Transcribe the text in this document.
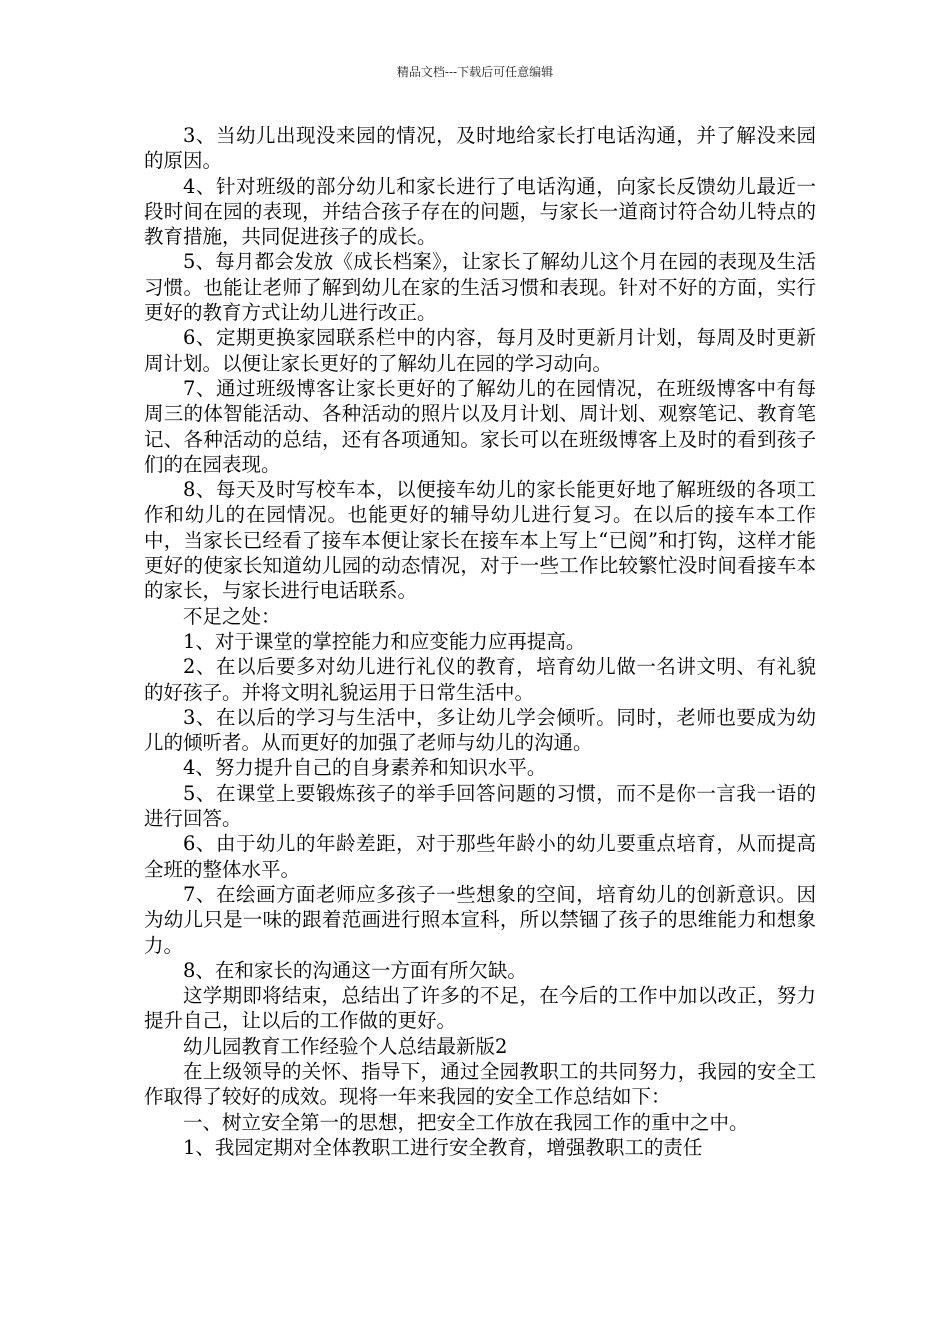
精品文档---下载后可任意编辑

3、当幼儿出现没来园的情况，及时地给家长打电话沟通，并了解没来园的原因。

4、针对班级的部分幼儿和家长进行了电话沟通，向家长反馈幼儿最近一段时间在园的表现，并结合孩子存在的问题，与家长一道商讨符合幼儿特点的教育措施，共同促进孩子的成长。

5、每月都会发放《成长档案》，让家长了解幼儿这个月在园的表现及生活习惯。也能让老师了解到幼儿在家的生活习惯和表现。针对不好的方面，实行更好的教育方式让幼儿进行改正。

6、定期更换家园联系栏中的内容，每月及时更新月计划，每周及时更新周计划。以便让家长更好的了解幼儿在园的学习动向。

7、通过班级博客让家长更好的了解幼儿的在园情况，在班级博客中有每周三的体智能活动、各种活动的照片以及月计划、周计划、观察笔记、教育笔记、各种活动的总结，还有各项通知。家长可以在班级博客上及时的看到孩子们的在园表现。

8、每天及时写校车本，以便接车幼儿的家长能更好地了解班级的各项工作和幼儿的在园情况。也能更好的辅导幼儿进行复习。在以后的接车本工作中，当家长已经看了接车本便让家长在接车本上写上“已阅”和打钩，这样才能更好的使家长知道幼儿园的动态情况，对于一些工作比较繁忙没时间看接车本的家长，与家长进行电话联系。

不足之处：

1、对于课堂的掌控能力和应变能力应再提高。

2、在以后要多对幼儿进行礼仪的教育，培育幼儿做一名讲文明、有礼貌的好孩子。并将文明礼貌运用于日常生活中。

3、在以后的学习与生活中，多让幼儿学会倾听。同时，老师也要成为幼儿的倾听者。从而更好的加强了老师与幼儿的沟通。

4、努力提升自己的自身素养和知识水平。

5、在课堂上要锻炼孩子的举手回答问题的习惯，而不是你一言我一语的进行回答。

6、由于幼儿的年龄差距，对于那些年龄小的幼儿要重点培育，从而提高全班的整体水平。

7、在绘画方面老师应多孩子一些想象的空间，培育幼儿的创新意识。因为幼儿只是一味的跟着范画进行照本宣科，所以禁锢了孩子的思维能力和想象力。

8、在和家长的沟通这一方面有所欠缺。

这学期即将结束，总结出了许多的不足，在今后的工作中加以改正，努力提升自己，让以后的工作做的更好。

幼儿园教育工作经验个人总结最新版2

在上级领导的关怀、指导下，通过全园教职工的共同努力，我园的安全工作取得了较好的成效。现将一年来我园的安全工作总结如下：

一、树立安全第一的思想，把安全工作放在我园工作的重中之中。

1、我园定期对全体教职工进行安全教育，增强教职工的责任
